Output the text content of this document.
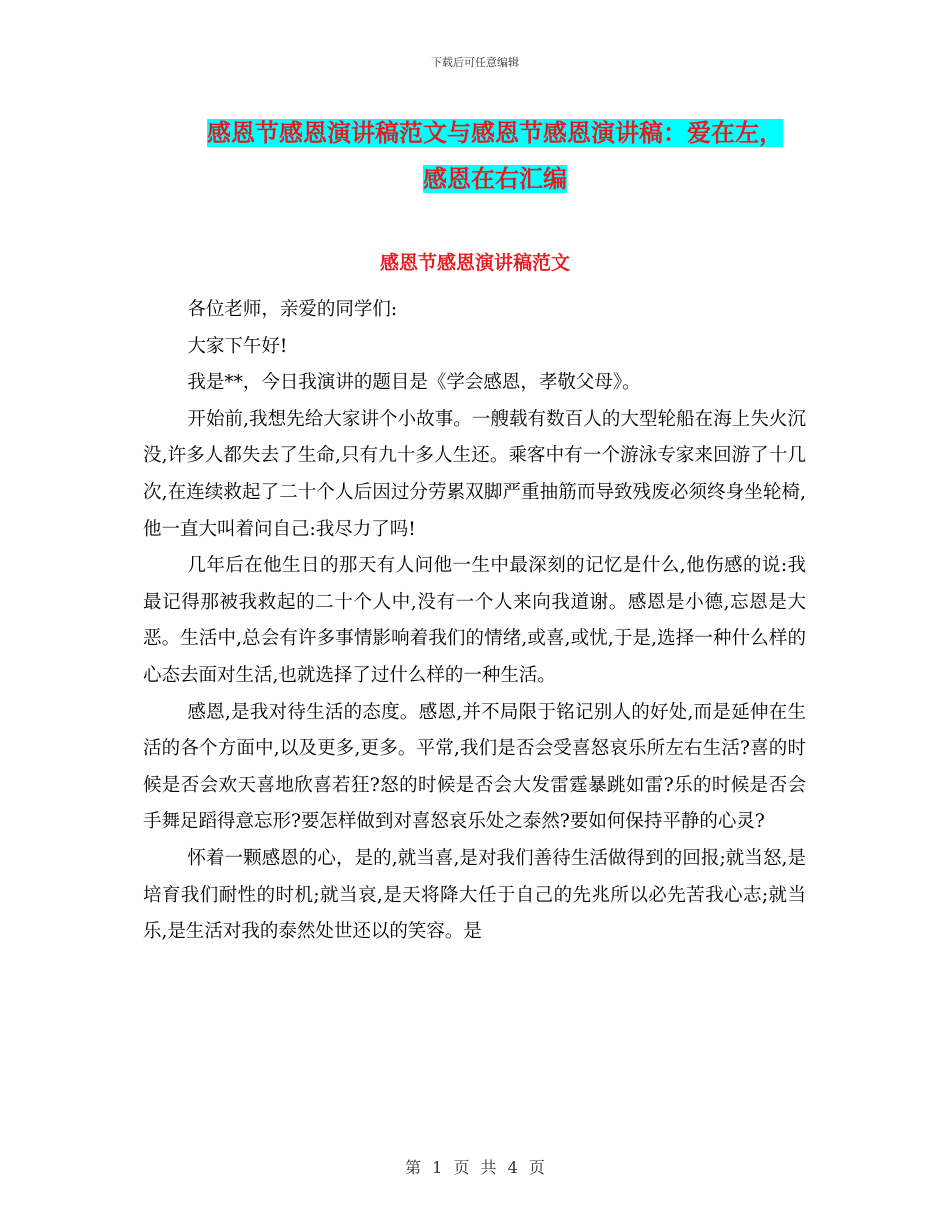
下载后可任意编辑
感恩节感恩演讲稿范文与感恩节感恩演讲稿：爱在左，
感恩在右汇编
感恩节感恩演讲稿范文

各位老师，亲爱的同学们:

大家下午好!

我是**，今日我演讲的题目是《学会感恩，孝敬父母》。

开始前,我想先给大家讲个小故事。一艘载有数百人的大型轮船在海上失火沉没,许多人都失去了生命,只有九十多人生还。乘客中有一个游泳专家来回游了十几次,在连续救起了二十个人后因过分劳累双脚严重抽筋而导致残废必须终身坐轮椅,他一直大叫着问自己:我尽力了吗!

几年后在他生日的那天有人问他一生中最深刻的记忆是什么,他伤感的说:我最记得那被我救起的二十个人中,没有一个人来向我道谢。感恩是小德,忘恩是大恶。生活中,总会有许多事情影响着我们的情绪,或喜,或忧,于是,选择一种什么样的心态去面对生活,也就选择了过什么样的一种生活。

感恩,是我对待生活的态度。感恩,并不局限于铭记别人的好处,而是延伸在生活的各个方面中,以及更多,更多。平常,我们是否会受喜怒哀乐所左右生活?喜的时候是否会欢天喜地欣喜若狂?怒的时候是否会大发雷霆暴跳如雷?乐的时候是否会手舞足蹈得意忘形?要怎样做到对喜怒哀乐处之泰然?要如何保持平静的心灵?

怀着一颗感恩的心，是的,就当喜,是对我们善待生活做得到的回报;就当怒,是培育我们耐性的时机;就当哀,是天将降大任于自己的先兆所以必先苦我心志;就当乐,是生活对我的泰然处世还以的笑容。是

第 1 页 共 4 页
